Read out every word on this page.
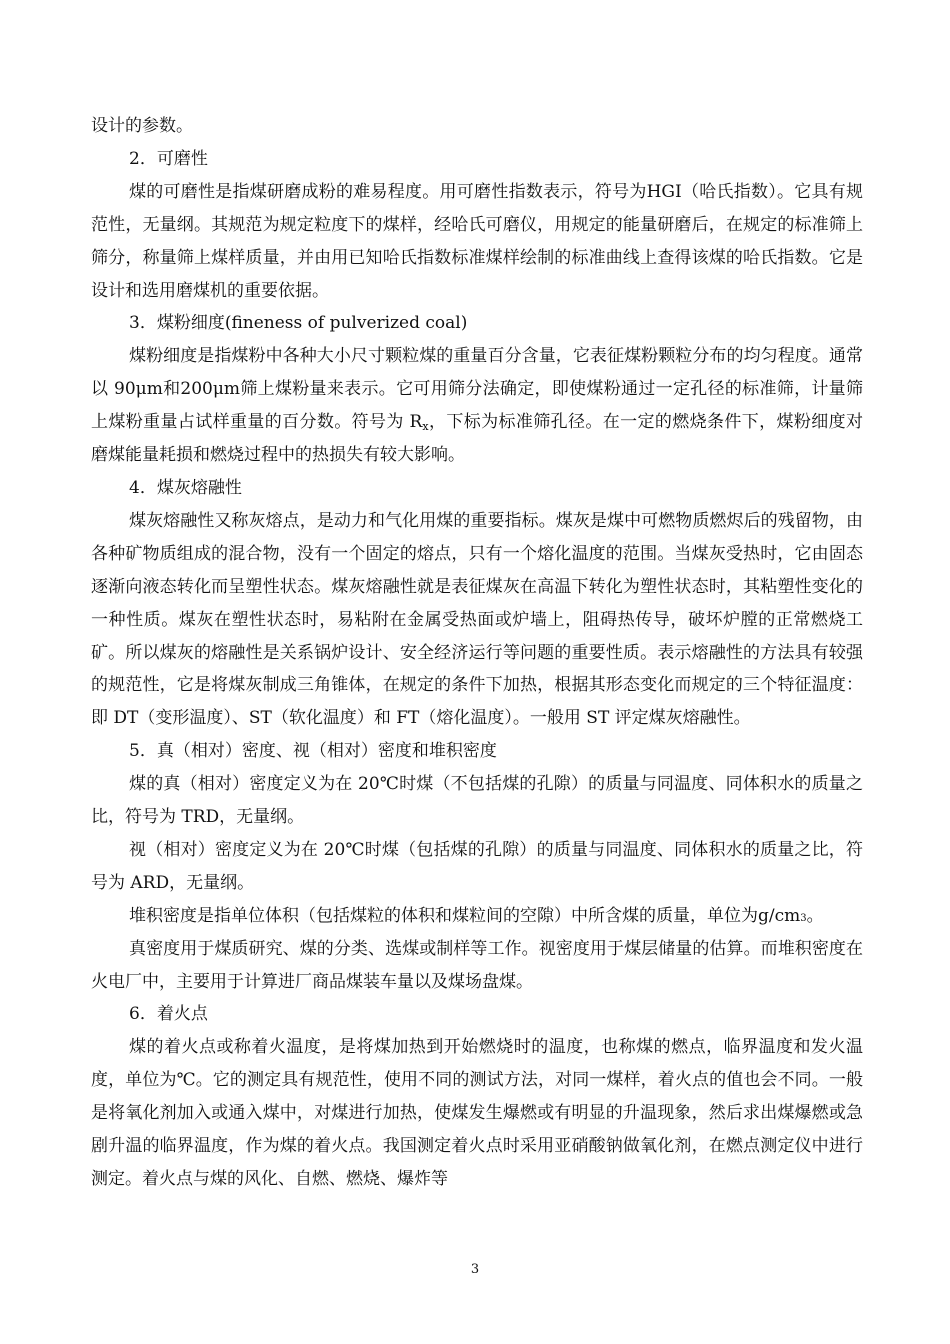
设计的参数。

2．可磨性

煤的可磨性是指煤研磨成粉的难易程度。用可磨性指数表示，符号为HGI（哈氏指数）。它具有规范性，无量纲。其规范为规定粒度下的煤样，经哈氏可磨仪，用规定的能量研磨后，在规定的标准筛上筛分，称量筛上煤样质量，并由用已知哈氏指数标准煤样绘制的标准曲线上查得该煤的哈氏指数。它是设计和选用磨煤机的重要依据。

3．煤粉细度(fineness of pulverized coal)

煤粉细度是指煤粉中各种大小尺寸颗粒煤的重量百分含量，它表征煤粉颗粒分布的均匀程度。通常以 90μm和200μm筛上煤粉量来表示。它可用筛分法确定，即使煤粉通过一定孔径的标准筛，计量筛上煤粉重量占试样重量的百分数。符号为 $R_x$，下标为标准筛孔径。在一定的燃烧条件下，煤粉细度对磨煤能量耗损和燃烧过程中的热损失有较大影响。

4．煤灰熔融性

煤灰熔融性又称灰熔点，是动力和气化用煤的重要指标。煤灰是煤中可燃物质燃烬后的残留物，由各种矿物质组成的混合物，没有一个固定的熔点，只有一个熔化温度的范围。当煤灰受热时，它由固态逐渐向液态转化而呈塑性状态。煤灰熔融性就是表征煤灰在高温下转化为塑性状态时，其粘塑性变化的一种性质。煤灰在塑性状态时，易粘附在金属受热面或炉墙上，阻碍热传导，破坏炉膛的正常燃烧工矿。所以煤灰的熔融性是关系锅炉设计、安全经济运行等问题的重要性质。表示熔融性的方法具有较强的规范性，它是将煤灰制成三角锥体，在规定的条件下加热，根据其形态变化而规定的三个特征温度：即 DT（变形温度）、ST（软化温度）和 FT（熔化温度）。一般用 ST 评定煤灰熔融性。

5．真（相对）密度、视（相对）密度和堆积密度

煤的真（相对）密度定义为在 20℃时煤（不包括煤的孔隙）的质量与同温度、同体积水的质量之比，符号为 TRD，无量纲。

视（相对）密度定义为在 20℃时煤（包括煤的孔隙）的质量与同温度、同体积水的质量之比，符号为 ARD，无量纲。

堆积密度是指单位体积（包括煤粒的体积和煤粒间的空隙）中所含煤的质量，单位为g/cm3。

真密度用于煤质研究、煤的分类、选煤或制样等工作。视密度用于煤层储量的估算。而堆积密度在火电厂中，主要用于计算进厂商品煤装车量以及煤场盘煤。

6．着火点

煤的着火点或称着火温度，是将煤加热到开始燃烧时的温度，也称煤的燃点，临界温度和发火温度，单位为℃。它的测定具有规范性，使用不同的测试方法，对同一煤样，着火点的值也会不同。一般是将氧化剂加入或通入煤中，对煤进行加热，使煤发生爆燃或有明显的升温现象，然后求出煤爆燃或急剧升温的临界温度，作为煤的着火点。我国测定着火点时采用亚硝酸钠做氧化剂，在燃点测定仪中进行测定。着火点与煤的风化、自燃、燃烧、爆炸等

3
